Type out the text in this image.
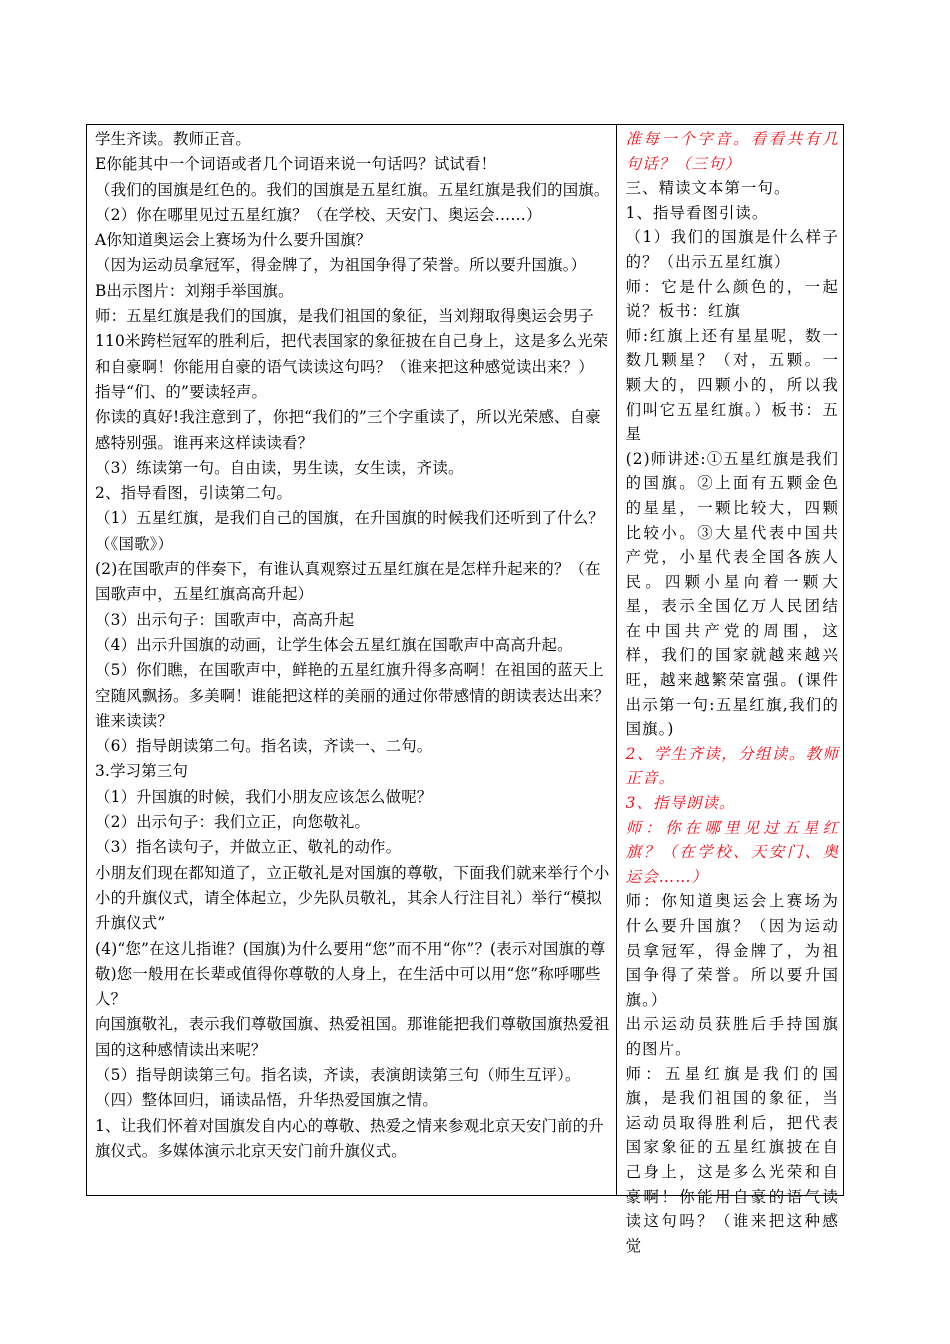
学生齐读。教师正音。

E你能其中一个词语或者几个词语来说一句话吗？试试看！

（我们的国旗是红色的。我们的国旗是五星红旗。五星红旗是我们的国旗。

（2）你在哪里见过五星红旗？（在学校、天安门、奥运会……）

A你知道奥运会上赛场为什么要升国旗？

（因为运动员拿冠军，得金牌了，为祖国争得了荣誉。所以要升国旗。）

B出示图片：刘翔手举国旗。

师：五星红旗是我们的国旗，是我们祖国的象征，当刘翔取得奥运会男子110米跨栏冠军的胜利后，把代表国家的象征披在自己身上，这是多么光荣和自豪啊！你能用自豪的语气读读这句吗？（谁来把这种感觉读出来？）

指导“们、的”要读轻声。

你读的真好!我注意到了，你把“我们的”三个字重读了，所以光荣感、自豪感特别强。谁再来这样读读看？

（3）练读第一句。自由读，男生读，女生读，齐读。

2、指导看图，引读第二句。

（1）五星红旗，是我们自己的国旗，在升国旗的时候我们还听到了什么？（《国歌》）

(2)在国歌声的伴奏下，有谁认真观察过五星红旗在是怎样升起来的？（在国歌声中，五星红旗高高升起）

（3）出示句子：国歌声中，高高升起

（4）出示升国旗的动画，让学生体会五星红旗在国歌声中高高升起。

（5）你们瞧，在国歌声中，鲜艳的五星红旗升得多高啊！在祖国的蓝天上空随风飘扬。多美啊！谁能把这样的美丽的通过你带感情的朗读表达出来？谁来读读？

（6）指导朗读第二句。指名读，齐读一、二句。

3.学习第三句

（1）升国旗的时候，我们小朋友应该怎么做呢？

（2）出示句子：我们立正，向您敬礼。

（3）指名读句子，并做立正、敬礼的动作。

小朋友们现在都知道了，立正敬礼是对国旗的尊敬，下面我们就来举行个小小的升旗仪式，请全体起立，少先队员敬礼，其余人行注目礼）举行“模拟升旗仪式”

(4)“您”在这儿指谁？(国旗)为什么要用“您”而不用“你”？(表示对国旗的尊敬)您一般用在长辈或值得你尊敬的人身上，在生活中可以用“您”称呼哪些人？

向国旗敬礼，表示我们尊敬国旗、热爱祖国。那谁能把我们尊敬国旗热爱祖国的这种感情读出来呢？

（5）指导朗读第三句。指名读，齐读，表演朗读第三句（师生互评）。

（四）整体回归，诵读品悟，升华热爱国旗之情。

1、让我们怀着对国旗发自内心的尊敬、热爱之情来参观北京天安门前的升旗仪式。多媒体演示北京天安门前升旗仪式。

准每一个字音。看看共有几句话？（三句）

三、精读文本第一句。

1、指导看图引读。

（1）我们的国旗是什么样子的？（出示五星红旗）

师：它是什么颜色的，一起说？板书：红旗

师:红旗上还有星星呢，数一数几颗星？（对，五颗。一颗大的，四颗小的，所以我们叫它五星红旗。）板书：五星

(2)师讲述:①五星红旗是我们的国旗。②上面有五颗金色的星星，一颗比较大，四颗比较小。③大星代表中国共产党，小星代表全国各族人民。四颗小星向着一颗大星，表示全国亿万人民团结在中国共产党的周围，这样，我们的国家就越来越兴旺，越来越繁荣富强。(课件出示第一句:五星红旗,我们的国旗。)

2、学生齐读，分组读。教师正音。

3、指导朗读。

师：你在哪里见过五星红旗？（在学校、天安门、奥运会……）

师：你知道奥运会上赛场为什么要升国旗？（因为运动员拿冠军，得金牌了，为祖国争得了荣誉。所以要升国旗。）

出示运动员获胜后手持国旗的图片。

师：五星红旗是我们的国旗，是我们祖国的象征，当运动员取得胜利后，把代表国家象征的五星红旗披在自己身上，这是多么光荣和自豪啊！你能用自豪的语气读读这句吗？（谁来把这种感觉
